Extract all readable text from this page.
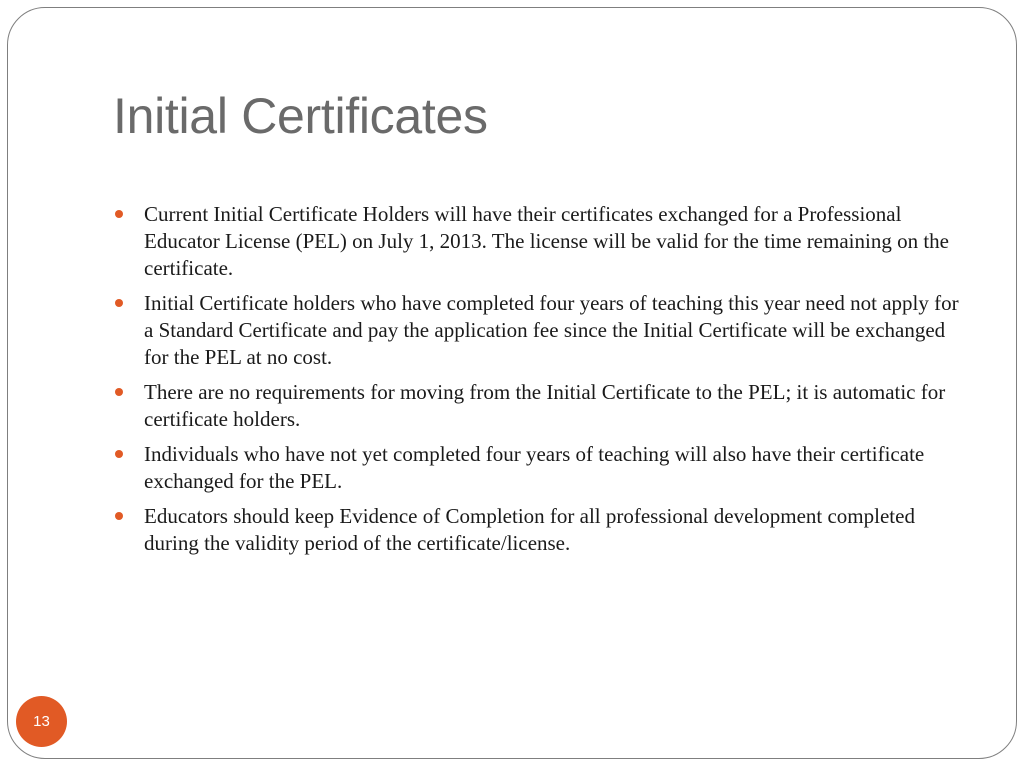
Initial Certificates
Current Initial Certificate Holders will have their certificates exchanged for a Professional Educator License (PEL) on July 1, 2013. The license will be valid for the time remaining on the certificate.
Initial Certificate holders who have completed four years of teaching this year need not apply for a Standard Certificate and pay the application fee since the Initial Certificate will be exchanged for the PEL at no cost.
There are no requirements for moving from the Initial Certificate to the PEL; it is automatic for certificate holders.
Individuals who have not yet completed four years of teaching will also have their certificate exchanged for the PEL.
Educators should keep Evidence of Completion for all professional development completed during the validity period of the certificate/license.
13
